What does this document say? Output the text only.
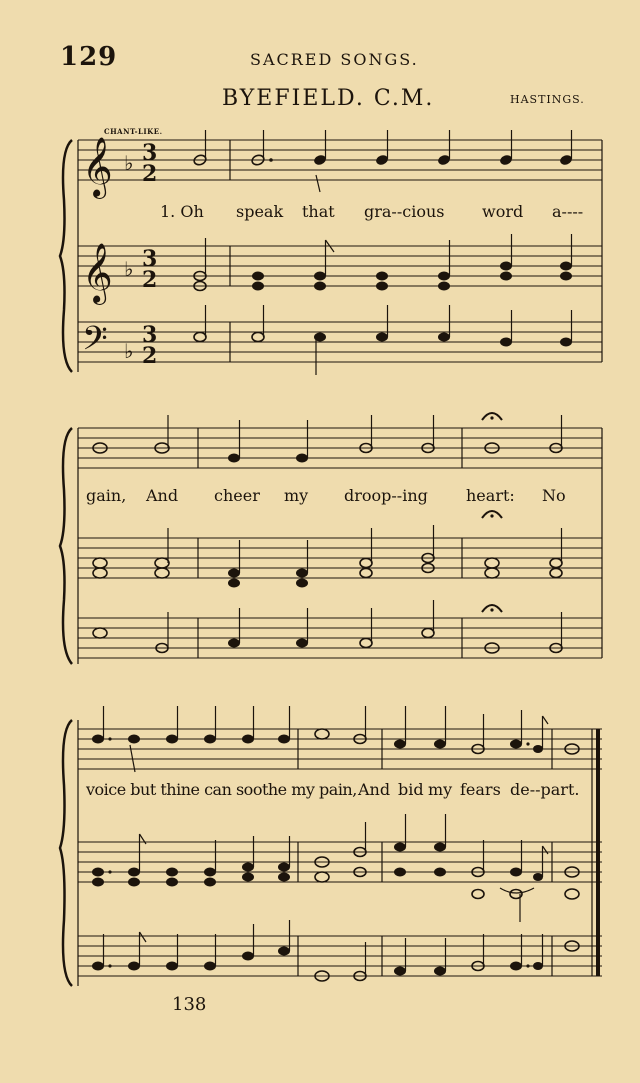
129	SACRED SONGS.
BYEFIELD. C.M.	HASTINGS.
CHANT-LIKE.
𝄞
𝄞
𝄢
♭
♭
♭
3
2
3
2
3
2
1. Oh speak that gra--cious word a----
gain, And cheer my droop--ing heart: No
voice but thine can soothe my pain, And bid my fears de--part.
138
